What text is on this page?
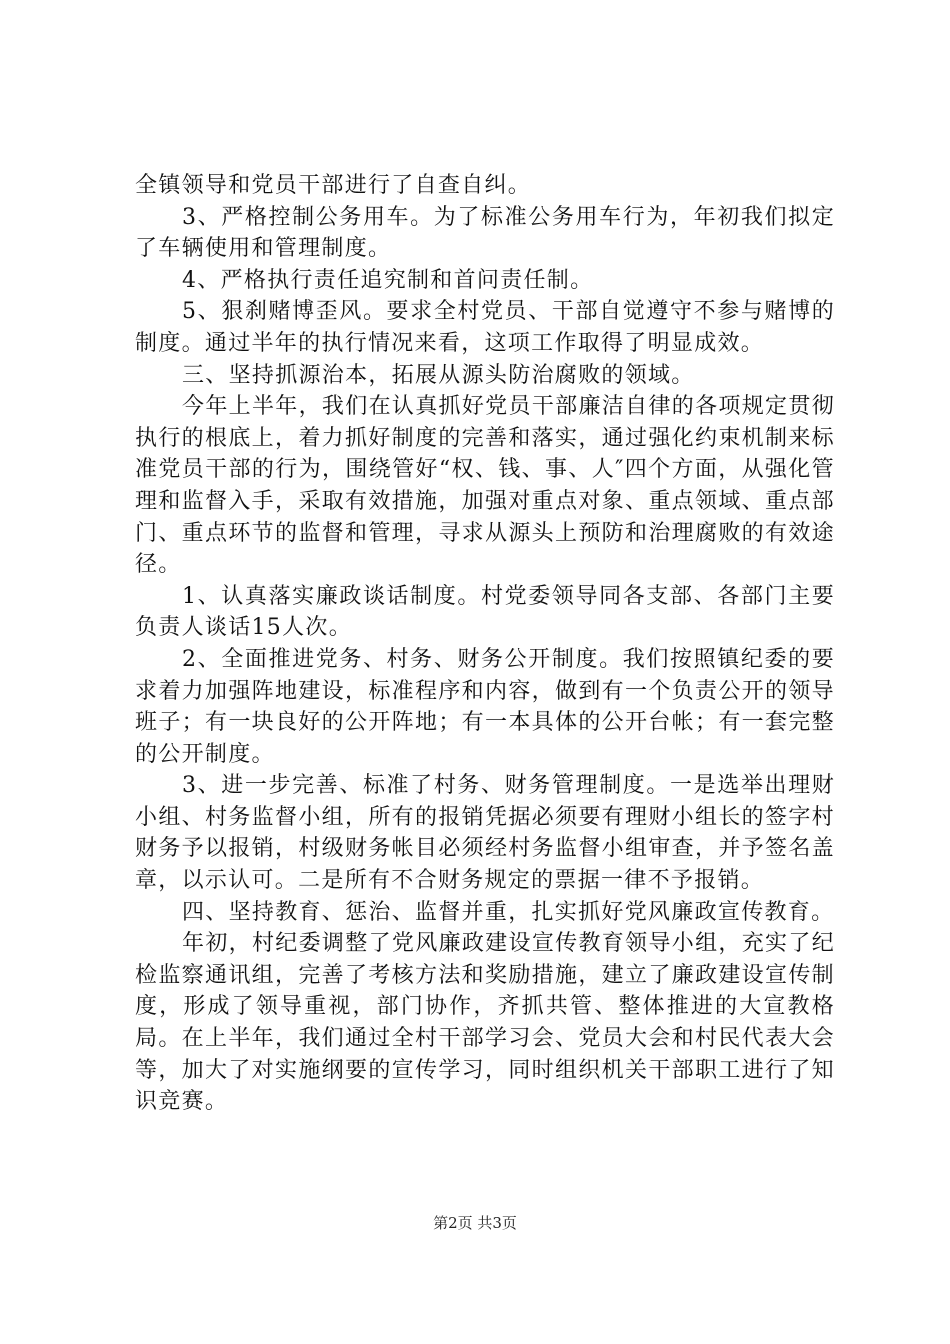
全镇领导和党员干部进行了自查自纠。

3、严格控制公务用车。为了标准公务用车行为，年初我们拟定了车辆使用和管理制度。

4、严格执行责任追究制和首问责任制。

5、狠刹赌博歪风。要求全村党员、干部自觉遵守不参与赌博的制度。通过半年的执行情况来看，这项工作取得了明显成效。

三、坚持抓源治本，拓展从源头防治腐败的领域。

今年上半年，我们在认真抓好党员干部廉洁自律的各项规定贯彻执行的根底上，着力抓好制度的完善和落实，通过强化约束机制来标准党员干部的行为，围绕管好“权、钱、事、人″四个方面，从强化管理和监督入手，采取有效措施，加强对重点对象、重点领域、重点部门、重点环节的监督和管理，寻求从源头上预防和治理腐败的有效途径。

1、认真落实廉政谈话制度。村党委领导同各支部、各部门主要负责人谈话15人次。

2、全面推进党务、村务、财务公开制度。我们按照镇纪委的要求着力加强阵地建设，标准程序和内容，做到有一个负责公开的领导班子；有一块良好的公开阵地；有一本具体的公开台帐；有一套完整的公开制度。

3、进一步完善、标准了村务、财务管理制度。一是选举出理财小组、村务监督小组，所有的报销凭据必须要有理财小组长的签字村财务予以报销，村级财务帐目必须经村务监督小组审查，并予签名盖章，以示认可。二是所有不合财务规定的票据一律不予报销。

四、坚持教育、惩治、监督并重，扎实抓好党风廉政宣传教育。

年初，村纪委调整了党风廉政建设宣传教育领导小组，充实了纪检监察通讯组，完善了考核方法和奖励措施，建立了廉政建设宣传制度，形成了领导重视，部门协作，齐抓共管、整体推进的大宣教格局。在上半年，我们通过全村干部学习会、党员大会和村民代表大会等，加大了对实施纲要的宣传学习，同时组织机关干部职工进行了知识竞赛。

第2页 共3页
